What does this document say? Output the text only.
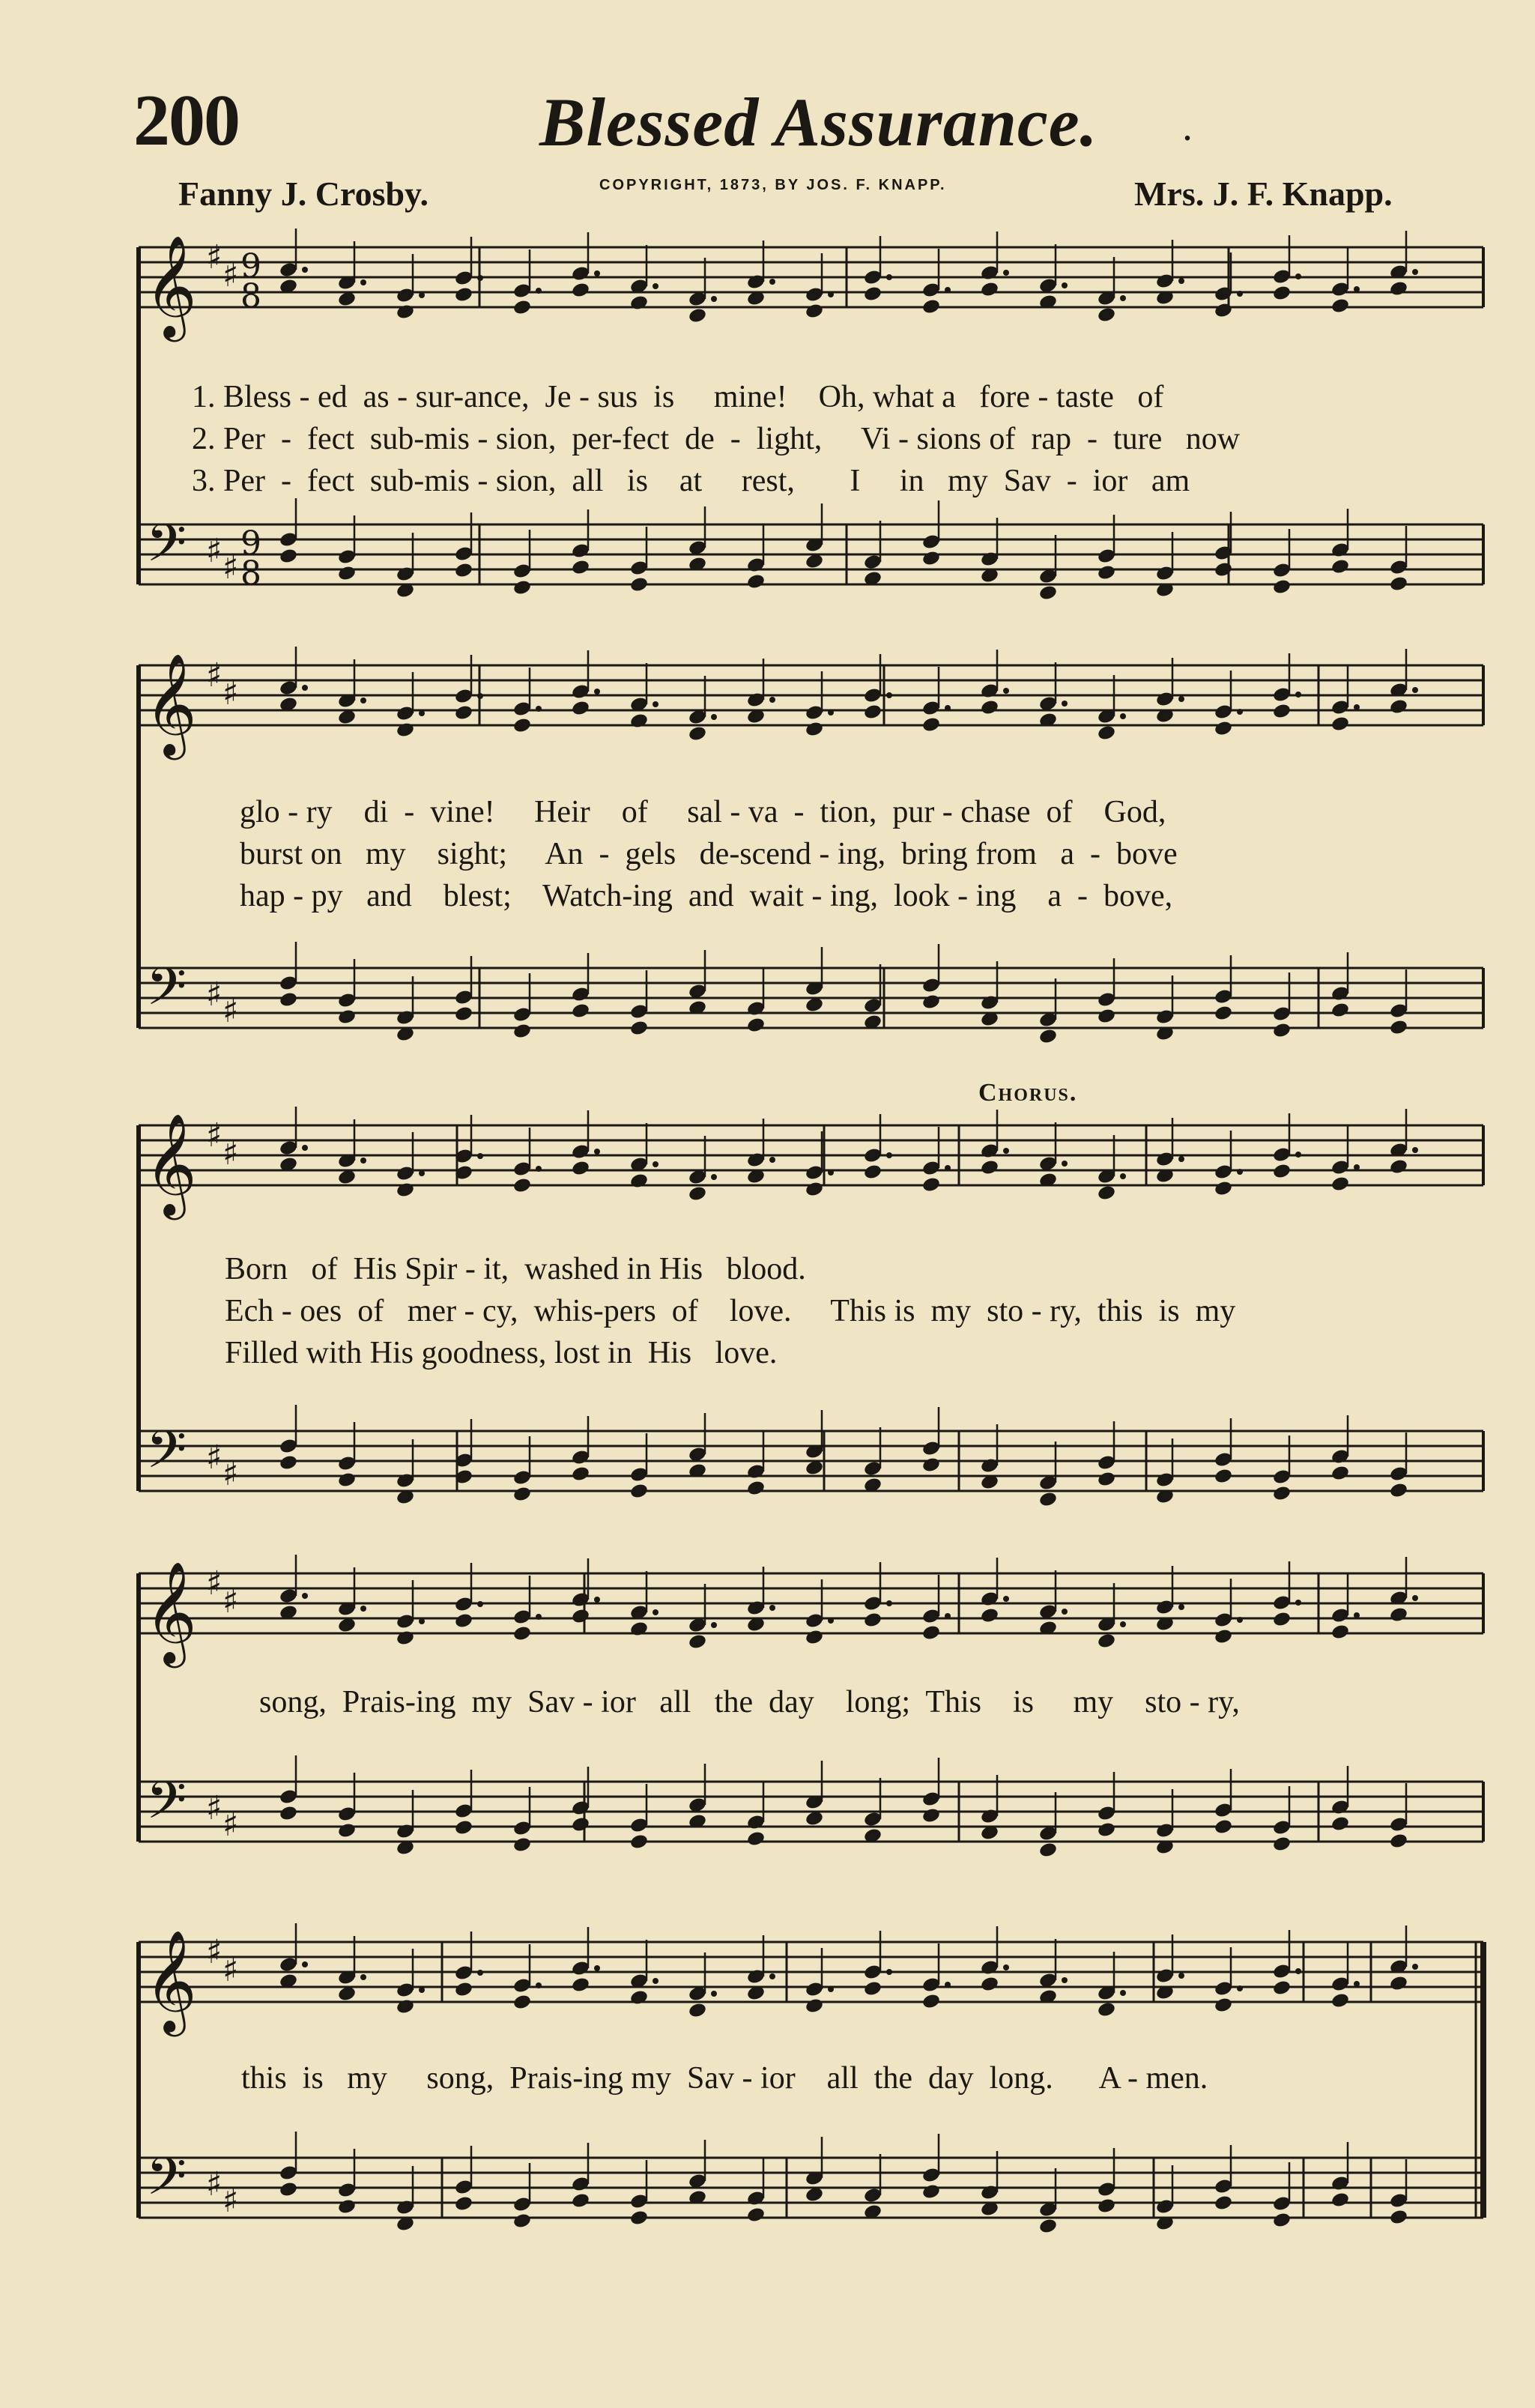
200	Blessed Assurance.	.
Fanny J. Crosby.	COPYRIGHT, 1873, BY JOS. F. KNAPP.	Mrs. J. F. Knapp.
Chorus.
𝄞
𝄢
♯ ♯
♯ ♯
9
8
9
8
𝄞
𝄢
♯ ♯
♯ ♯
𝄞
𝄢
♯ ♯
♯ ♯
𝄞
𝄢
♯ ♯
♯ ♯
𝄞
𝄢
♯ ♯
♯ ♯
1. Bless - ed  as - sur-ance,  Je - sus  is     mine!    Oh, what a   fore - taste   of
2. Per  -  fect  sub-mis - sion,  per-fect  de  -  light,     Vi - sions of  rap  -  ture   now
3. Per  -  fect  sub-mis - sion,  all   is    at     rest,       I     in   my  Sav  -  ior   am
glo - ry    di  -  vine!     Heir    of     sal - va  -  tion,  pur - chase  of    God,
burst on   my    sight;     An  -  gels   de-scend - ing,  bring from   a  -  bove
hap - py   and    blest;    Watch-ing  and  wait - ing,  look - ing    a  -  bove,
Born   of  His Spir - it,  washed in His   blood.
Ech - oes  of   mer - cy,  whis-pers  of    love.     This is  my  sto - ry,  this  is  my
Filled with His goodness, lost in  His   love.
song,  Prais-ing  my  Sav - ior   all   the  day    long;  This    is     my    sto - ry,
this  is   my     song,  Prais-ing my  Sav - ior    all  the  day  long.      A - men.
